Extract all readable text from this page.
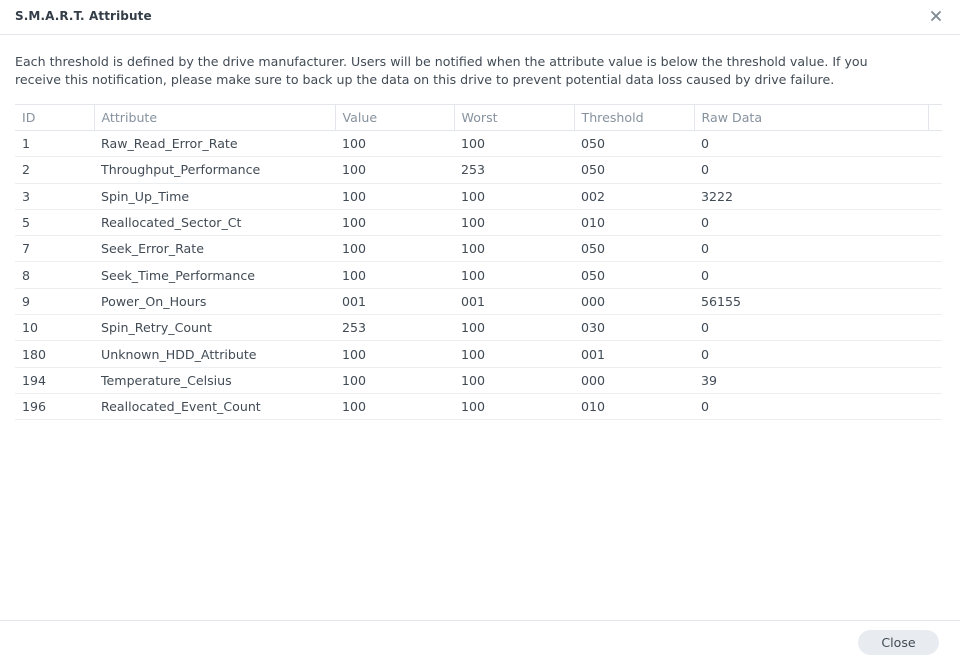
S.M.A.R.T. Attribute
Each threshold is defined by the drive manufacturer. Users will be notified when the attribute value is below the threshold value. If you receive this notification, please make sure to back up the data on this drive to prevent potential data loss caused by drive failure.
ID	Attribute	Value	Worst	Threshold	Raw Data	
1	Raw_Read_Error_Rate	100	100	050	0	
2	Throughput_Performance	100	253	050	0	
3	Spin_Up_Time	100	100	002	3222	
5	Reallocated_Sector_Ct	100	100	010	0	
7	Seek_Error_Rate	100	100	050	0	
8	Seek_Time_Performance	100	100	050	0	
9	Power_On_Hours	001	001	000	56155	
10	Spin_Retry_Count	253	100	030	0	
180	Unknown_HDD_Attribute	100	100	001	0	
194	Temperature_Celsius	100	100	000	39	
196	Reallocated_Event_Count	100	100	010	0	
Close
